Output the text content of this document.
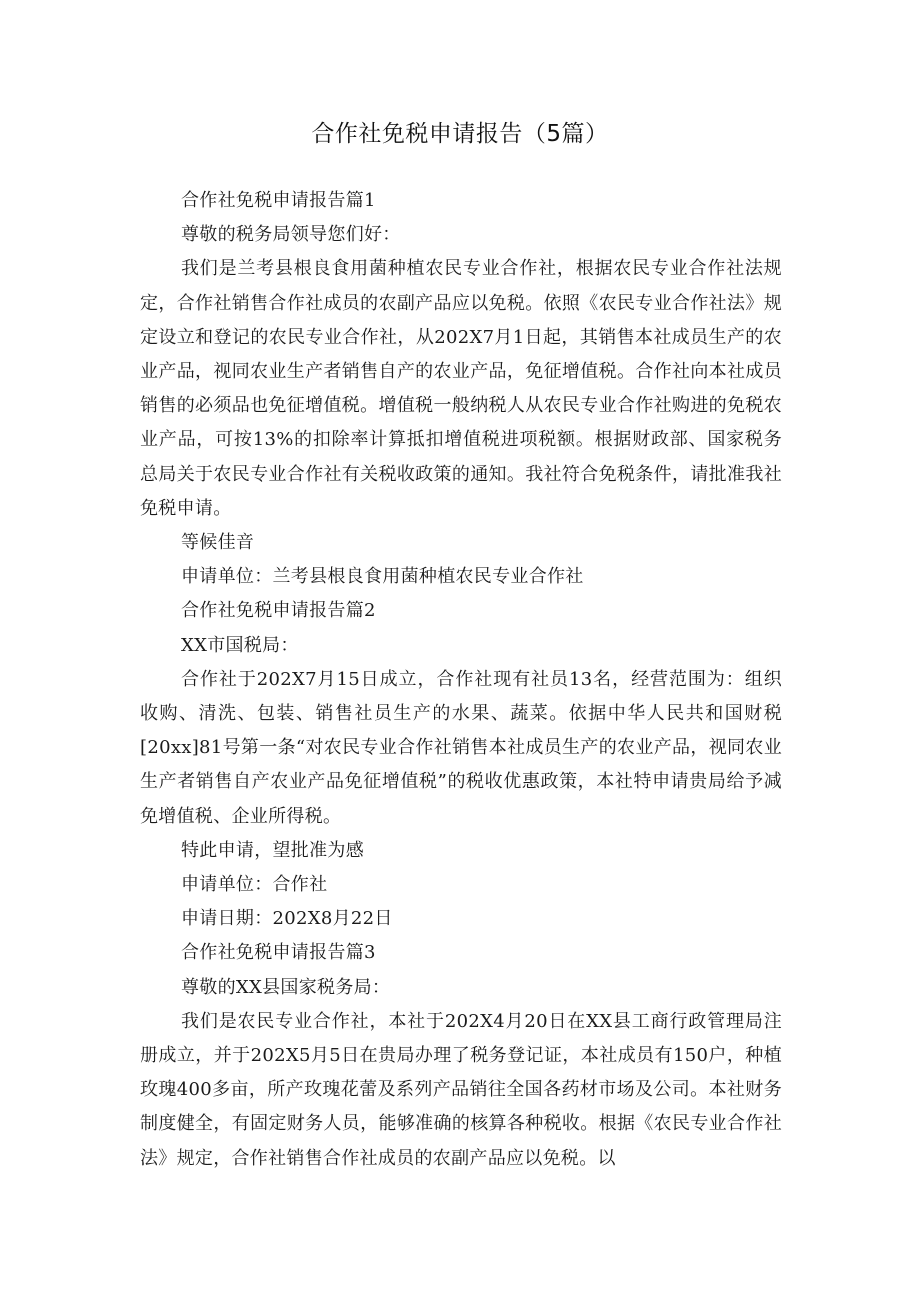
合作社免税申请报告（5篇）

合作社免税申请报告篇1

尊敬的税务局领导您们好：

我们是兰考县根良食用菌种植农民专业合作社，根据农民专业合作社法规定，合作社销售合作社成员的农副产品应以免税。依照《农民专业合作社法》规定设立和登记的农民专业合作社，从202X7月1日起，其销售本社成员生产的农业产品，视同农业生产者销售自产的农业产品，免征增值税。合作社向本社成员销售的必须品也免征增值税。增值税一般纳税人从农民专业合作社购进的免税农业产品，可按13%的扣除率计算抵扣增值税进项税额。根据财政部、国家税务总局关于农民专业合作社有关税收政策的通知。我社符合免税条件，请批准我社免税申请。

等候佳音

申请单位：兰考县根良食用菌种植农民专业合作社

合作社免税申请报告篇2

XX市国税局：

合作社于202X7月15日成立，合作社现有社员13名，经营范围为：组织收购、清洗、包装、销售社员生产的水果、蔬菜。依据中华人民共和国财税[20xx]81号第一条“对农民专业合作社销售本社成员生产的农业产品，视同农业生产者销售自产农业产品免征增值税”的税收优惠政策，本社特申请贵局给予减免增值税、企业所得税。

特此申请，望批准为感

申请单位：合作社

申请日期：202X8月22日

合作社免税申请报告篇3

尊敬的XX县国家税务局：

我们是农民专业合作社，本社于202X4月20日在XX县工商行政管理局注册成立，并于202X5月5日在贵局办理了税务登记证，本社成员有150户，种植玫瑰400多亩，所产玫瑰花蕾及系列产品销往全国各药材市场及公司。本社财务制度健全，有固定财务人员，能够准确的核算各种税收。根据《农民专业合作社法》规定，合作社销售合作社成员的农副产品应以免税。以
